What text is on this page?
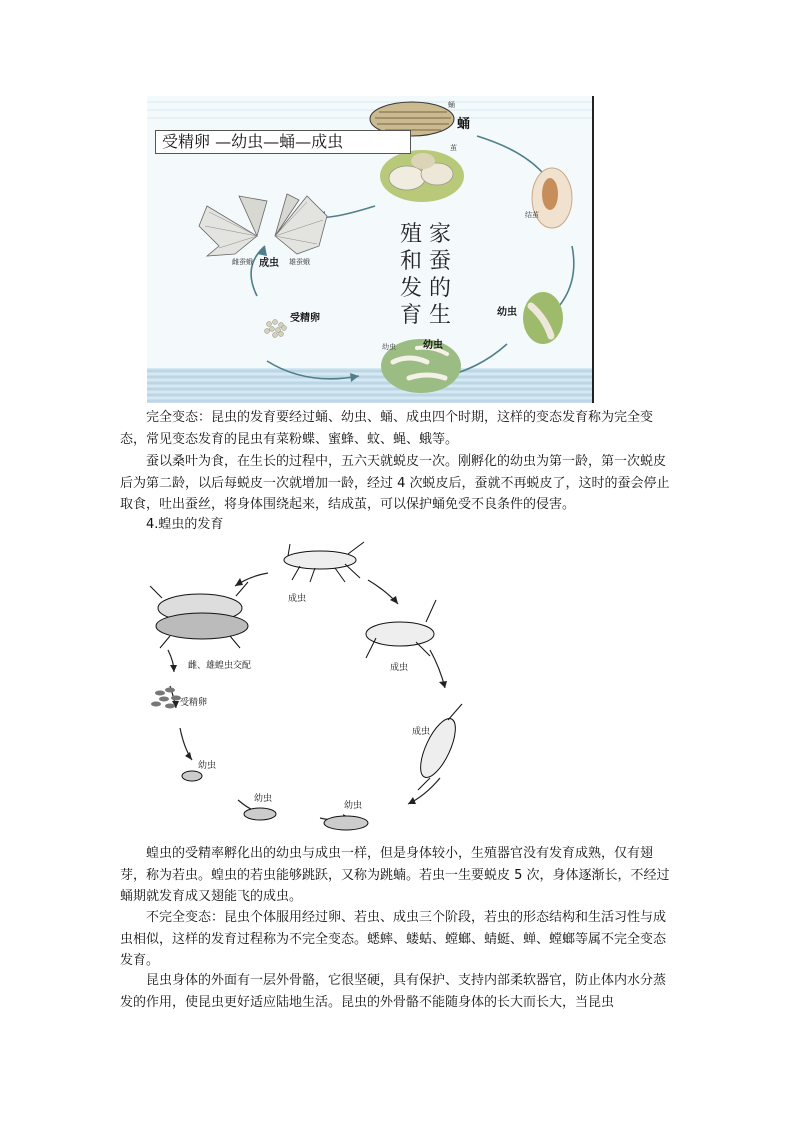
受精卵 —幼虫—蛹—成虫
殖和发育
家蚕的生
蛹
蛹
茧
结茧
雌蚕蛾 成虫 雄蚕蛾
受精卵
幼虫
幼虫	幼虫

完全变态：昆虫的发育要经过蛹、幼虫、蛹、成虫四个时期，这样的变态发育称为完全变态，常见变态发育的昆虫有菜粉蝶、蜜蜂、蚊、蝇、蛾等。

蚕以桑叶为食，在生长的过程中，五六天就蜕皮一次。刚孵化的幼虫为第一龄，第一次蜕皮后为第二龄，以后每蜕皮一次就增加一龄，经过 4 次蜕皮后，蚕就不再蜕皮了，这时的蚕会停止取食，吐出蚕丝，将身体围绕起来，结成茧，可以保护蛹免受不良条件的侵害。

4.蝗虫的发育

成虫
雌、雄蝗虫交配	成虫
受精卵
成虫
幼虫
幼虫
幼虫

蝗虫的受精率孵化出的幼虫与成虫一样，但是身体较小，生殖器官没有发育成熟，仅有翅芽，称为若虫。蝗虫的若虫能够跳跃，又称为跳蝻。若虫一生要蜕皮 5 次，身体逐渐长，不经过蛹期就发育成又翅能飞的成虫。

不完全变态：昆虫个体服用经过卵、若虫、成虫三个阶段，若虫的形态结构和生活习性与成虫相似，这样的发育过程称为不完全变态。蟋蟀、蝼蛄、螳螂、蜻蜓、蝉、螳螂等属不完全变态发育。

昆虫身体的外面有一层外骨骼，它很坚硬，具有保护、支持内部柔软器官，防止体内水分蒸发的作用，使昆虫更好适应陆地生活。昆虫的外骨骼不能随身体的长大而长大，当昆虫
